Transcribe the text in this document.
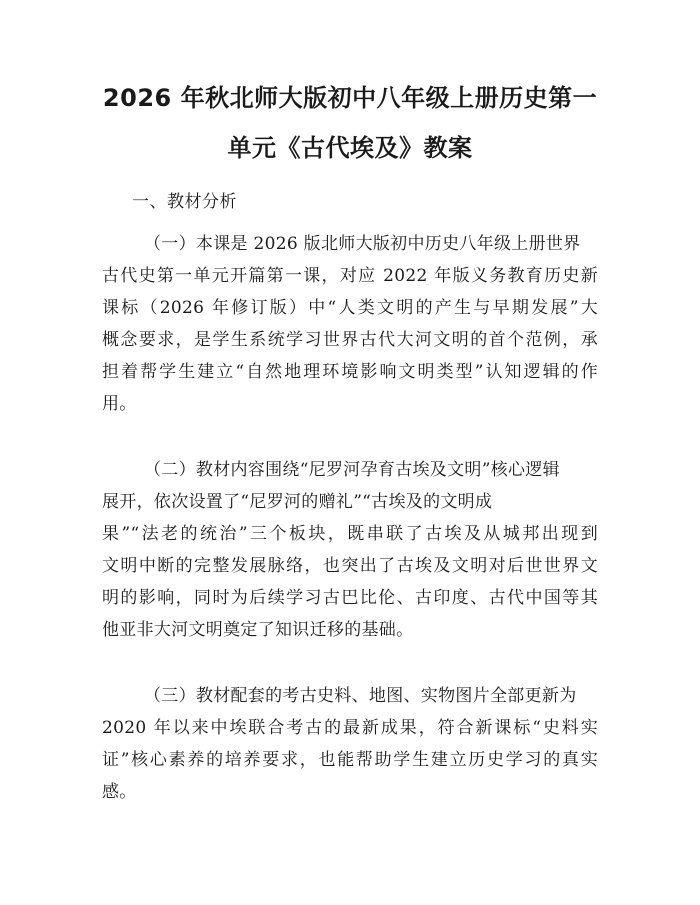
2026 年秋北师大版初中八年级上册历史第一
单元《古代埃及》教案
一、教材分析
（一）本课是 2026 版北师大版初中历史八年级上册世界
古代史第一单元开篇第一课，对应 2022 年版义务教育历史新
课标（2026 年修订版）中“人类文明的产生与早期发展”大
概念要求，是学生系统学习世界古代大河文明的首个范例，承
担着帮学生建立“自然地理环境影响文明类型”认知逻辑的作
用。
（二）教材内容围绕“尼罗河孕育古埃及文明”核心逻辑
展开，依次设置了“尼罗河的赠礼”“古埃及的文明成
果”“法老的统治”三个板块，既串联了古埃及从城邦出现到
文明中断的完整发展脉络，也突出了古埃及文明对后世世界文
明的影响，同时为后续学习古巴比伦、古印度、古代中国等其
他亚非大河文明奠定了知识迁移的基础。
（三）教材配套的考古史料、地图、实物图片全部更新为
2020 年以来中埃联合考古的最新成果，符合新课标“史料实
证”核心素养的培养要求，也能帮助学生建立历史学习的真实
感。
